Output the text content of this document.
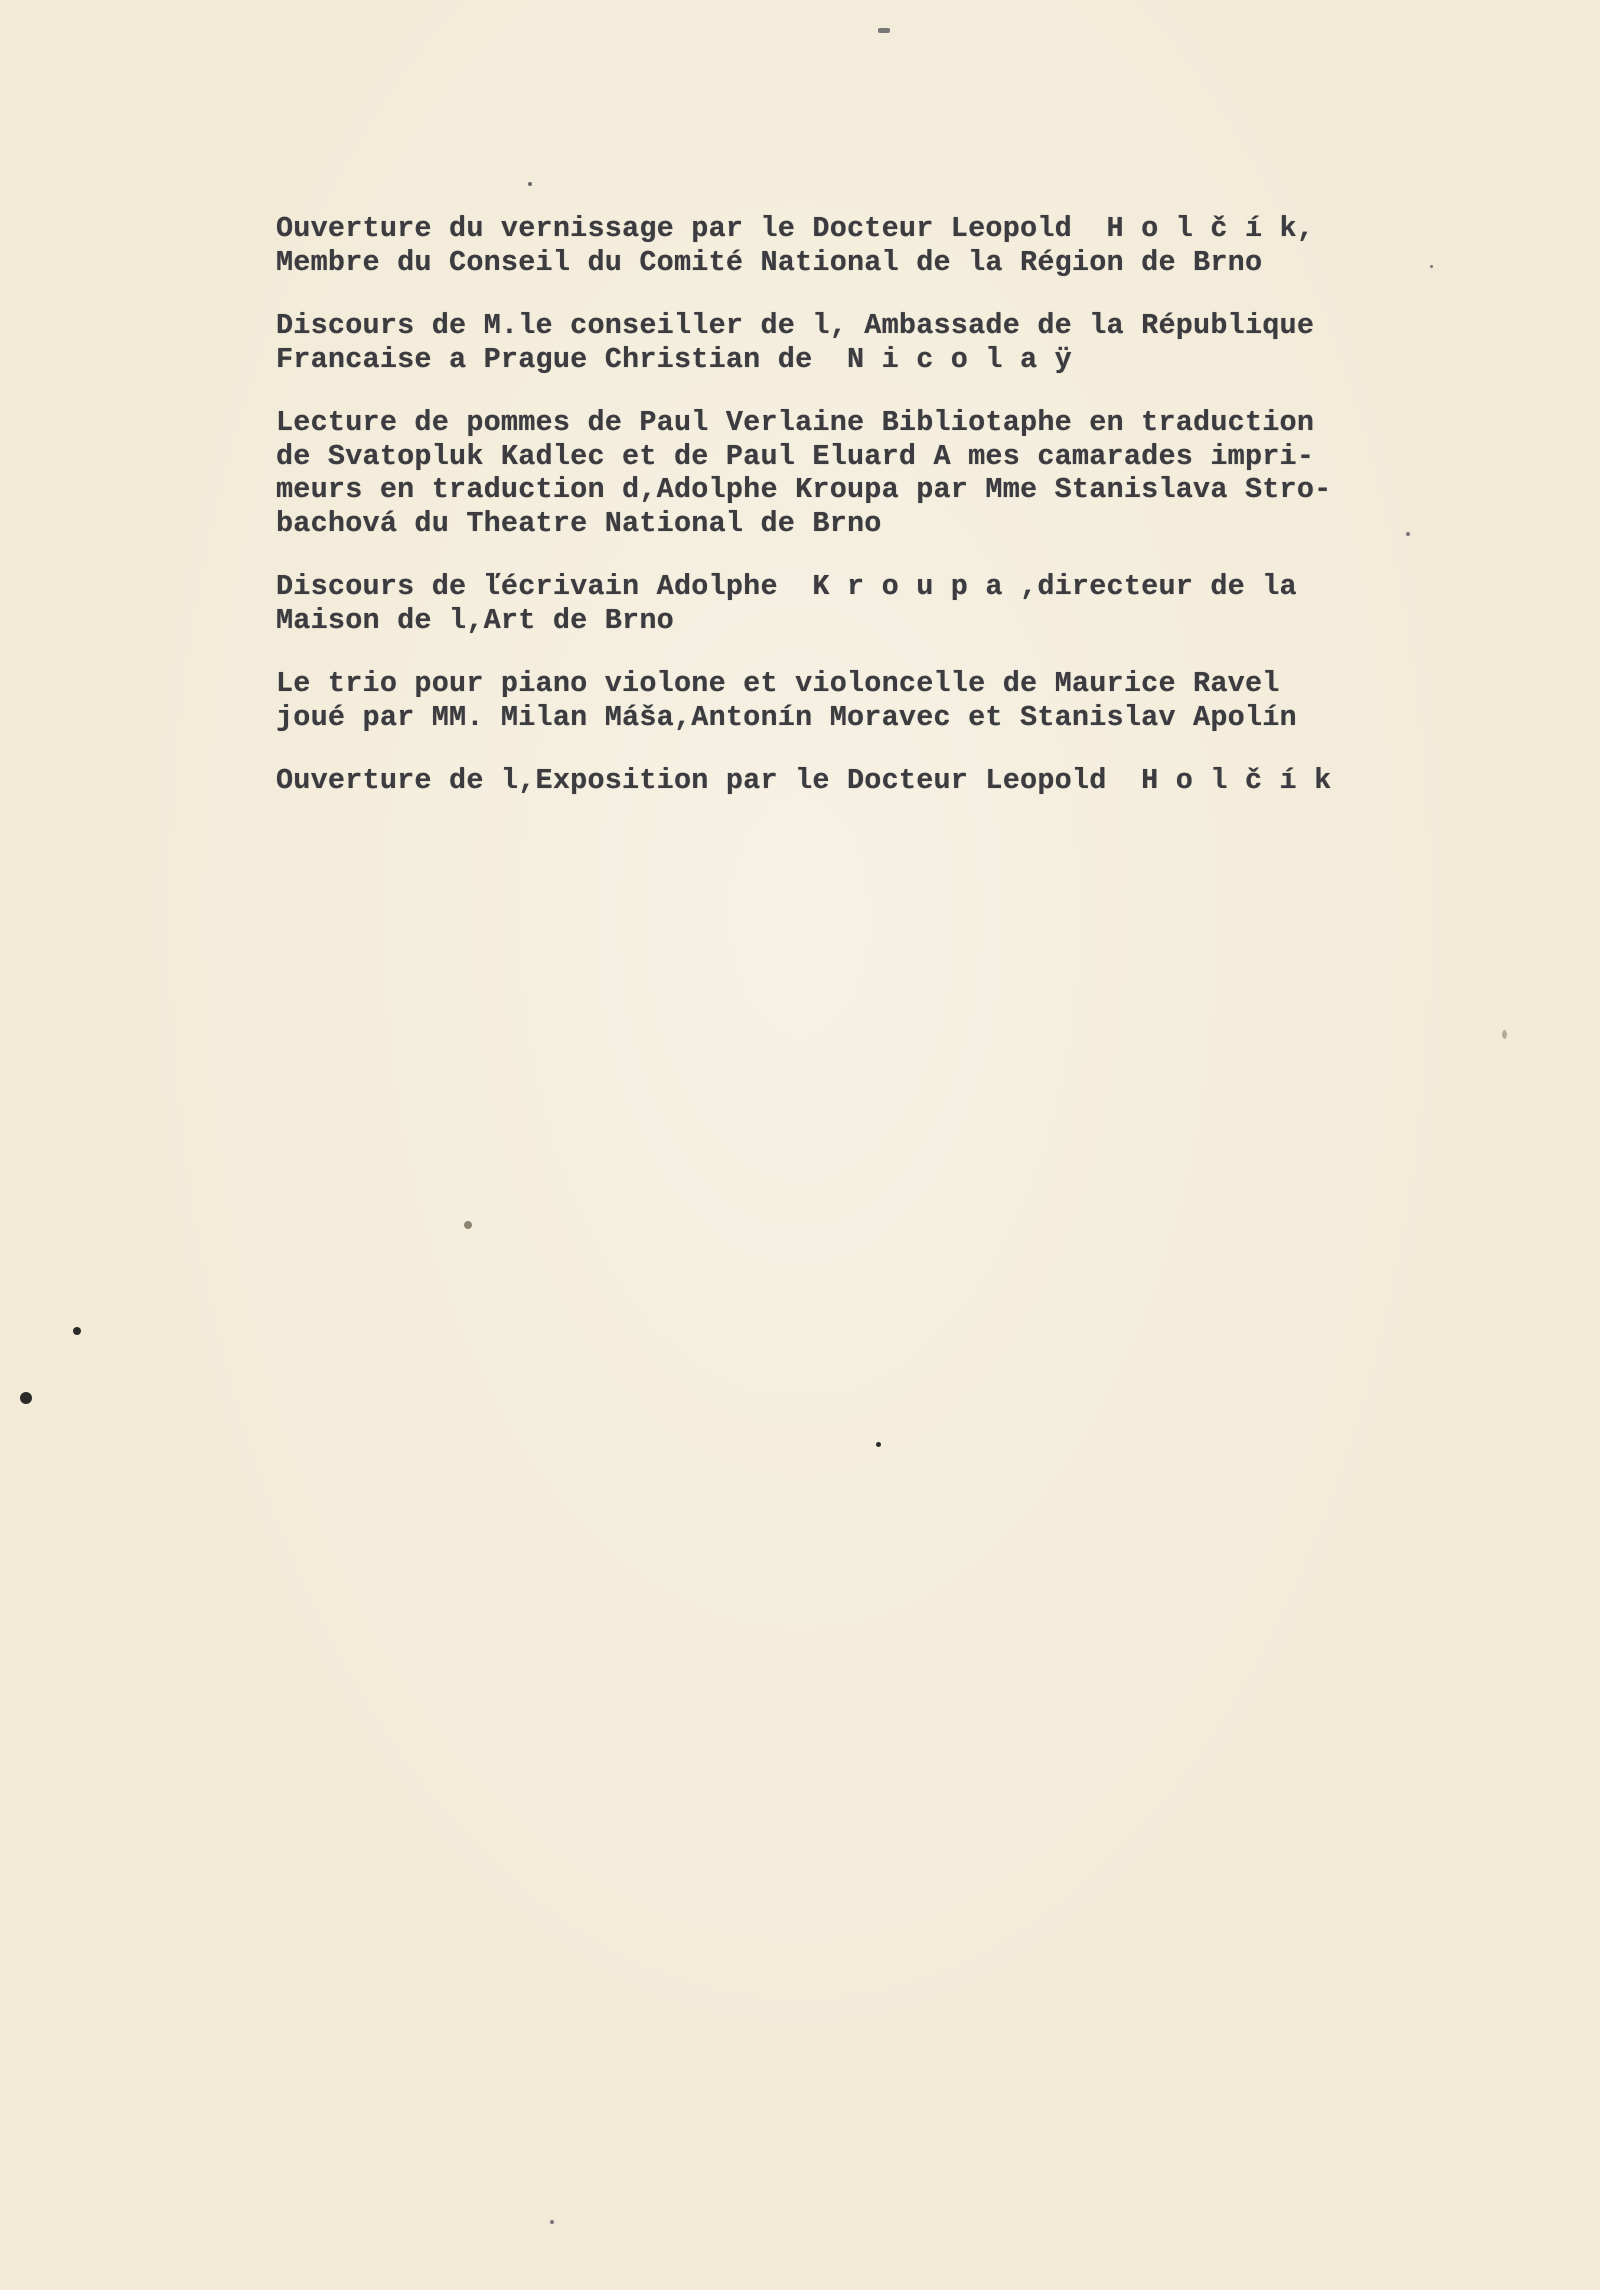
Ouverture du vernissage par le Docteur Leopold  H o l č í k,
Membre du Conseil du Comité National de la Région de Brno
Discours de M.le conseiller de l, Ambassade de la République
Francaise a Prague Christian de  N i c o l a ÿ
Lecture de pommes de Paul Verlaine Bibliotaphe en traduction
de Svatopluk Kadlec et de Paul Eluard A mes camarades impri-
meurs en traduction d,Adolphe Kroupa par Mme Stanislava Stro-
bachová du Theatre National de Brno
Discours de ľécrivain Adolphe  K r o u p a ,directeur de la
Maison de l,Art de Brno
Le trio pour piano violone et violoncelle de Maurice Ravel
joué par MM. Milan Máša,Antonín Moravec et Stanislav Apolín
Ouverture de l,Exposition par le Docteur Leopold  H o l č í k
